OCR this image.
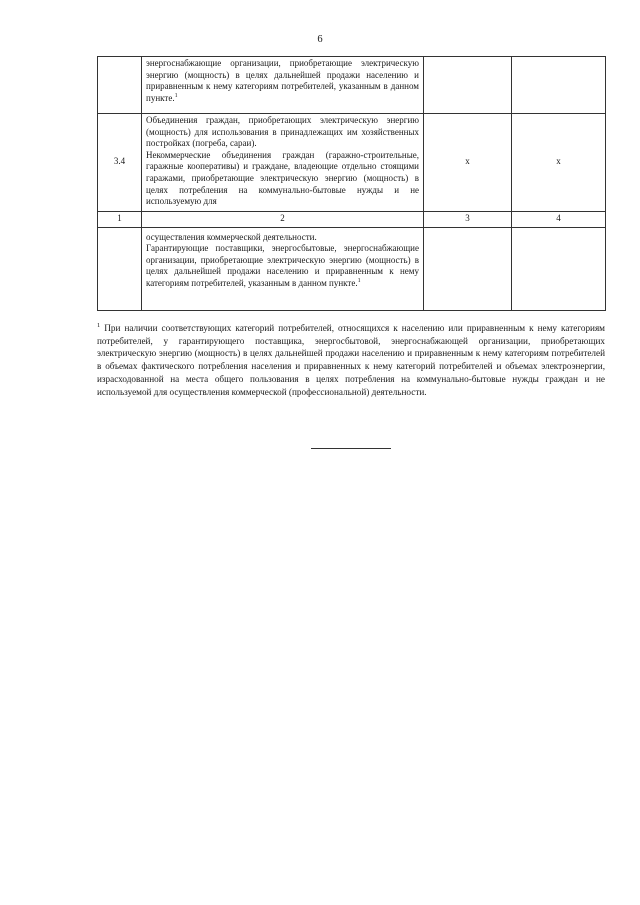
6

	энергоснабжающие организации, приобретающие электрическую энергию (мощность) в целях дальнейшей продажи населению и приравненным к нему категориям потребителей, указанным в данном пункте.$^1$

3.4	Объединения граждан, приобретающих электрическую энергию (мощность) для использования в принадлежащих им хозяйственных постройках (погреба, сараи).
Некоммерческие объединения граждан (гаражно-строительные, гаражные кооперативы) и граждане, владеющие отдельно стоящими гаражами, приобретающие электрическую энергию (мощность) в целях потребления на коммунально-бытовые нужды и не используемую для	x	x
1	2	3	4

	осуществления коммерческой деятельности.
Гарантирующие поставщики, энергосбытовые, энергоснабжающие организации, приобретающие электрическую энергию (мощность) в целях дальнейшей продажи населению и приравненным к нему категориям потребителей, указанным в данном пункте.$^1$

$^1$ При наличии соответствующих категорий потребителей, относящихся к населению или приравненным к нему категориям потребителей, у гарантирующего поставщика, энергосбытовой, энергоснабжающей организации, приобретающих электрическую энергию (мощность) в целях дальнейшей продажи населению и приравненным к нему категориям потребителей в объемах фактического потребления населения и приравненных к нему категорий потребителей и объемах электроэнергии, израсходованной на места общего пользования в целях потребления на коммунально-бытовые нужды граждан и не используемой для осуществления коммерческой (профессиональной) деятельности.
